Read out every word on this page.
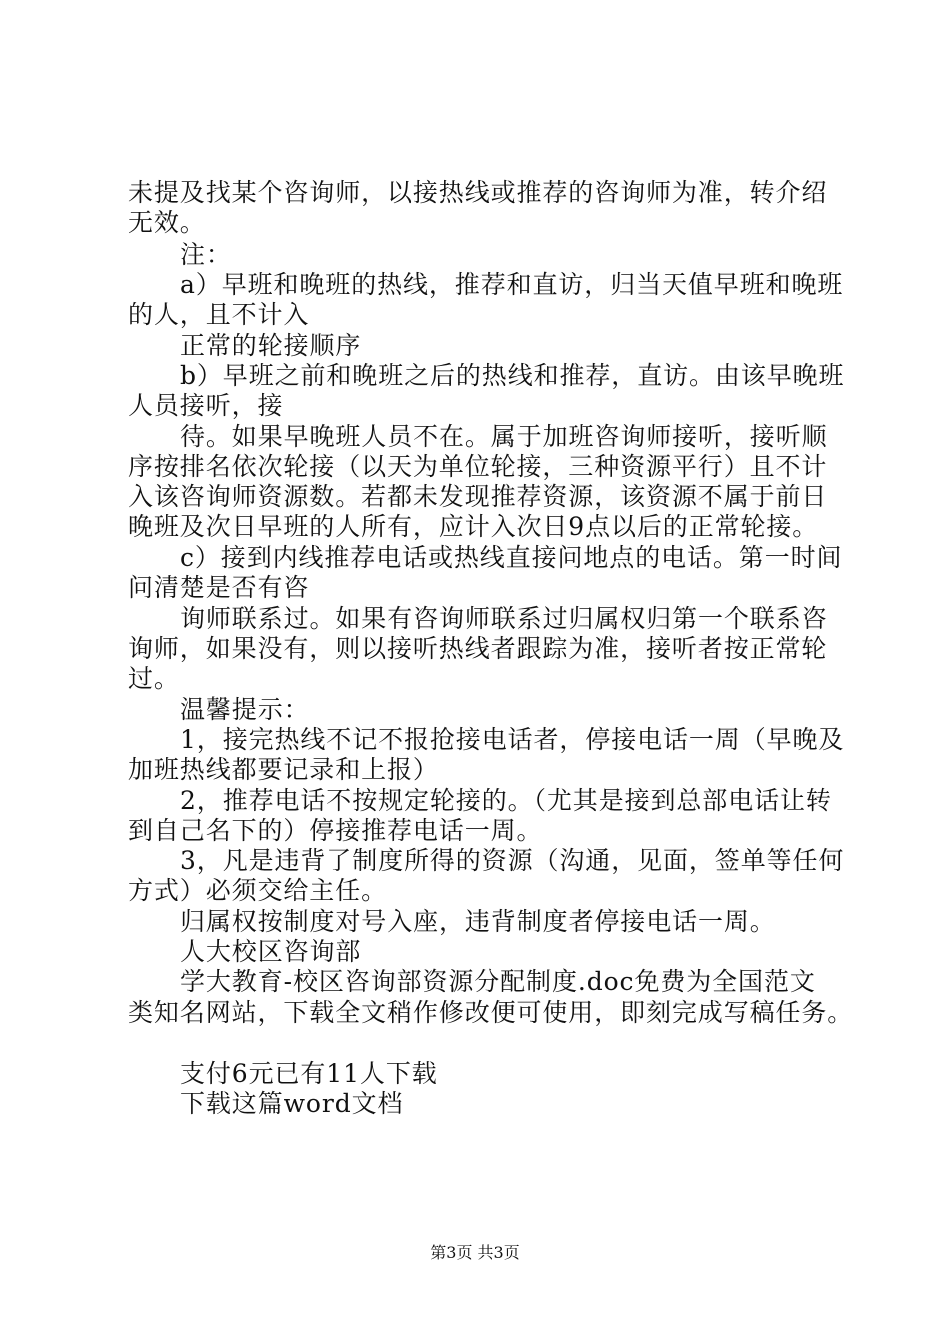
未提及找某个咨询师，以接热线或推荐的咨询师为准，转介绍
无效。
注：
a）早班和晚班的热线，推荐和直访，归当天值早班和晚班
的人，且不计入
正常的轮接顺序
b）早班之前和晚班之后的热线和推荐，直访。由该早晚班
人员接听，接
待。如果早晚班人员不在。属于加班咨询师接听，接听顺
序按排名依次轮接（以天为单位轮接，三种资源平行）且不计
入该咨询师资源数。若都未发现推荐资源，该资源不属于前日
晚班及次日早班的人所有，应计入次日9点以后的正常轮接。
c）接到内线推荐电话或热线直接问地点的电话。第一时间
问清楚是否有咨
询师联系过。如果有咨询师联系过归属权归第一个联系咨
询师，如果没有，则以接听热线者跟踪为准，接听者按正常轮
过。
温馨提示：
1，接完热线不记不报抢接电话者，停接电话一周（早晚及
加班热线都要记录和上报）
2，推荐电话不按规定轮接的。（尤其是接到总部电话让转
到自己名下的）停接推荐电话一周。
3，凡是违背了制度所得的资源（沟通，见面，签单等任何
方式）必须交给主任。
归属权按制度对号入座，违背制度者停接电话一周。
人大校区咨询部
学大教育-校区咨询部资源分配制度.doc免费为全国范文
类知名网站，下载全文稍作修改便可使用，即刻完成写稿任务。
支付6元已有11人下载
下载这篇word文档
第3页 共3页
